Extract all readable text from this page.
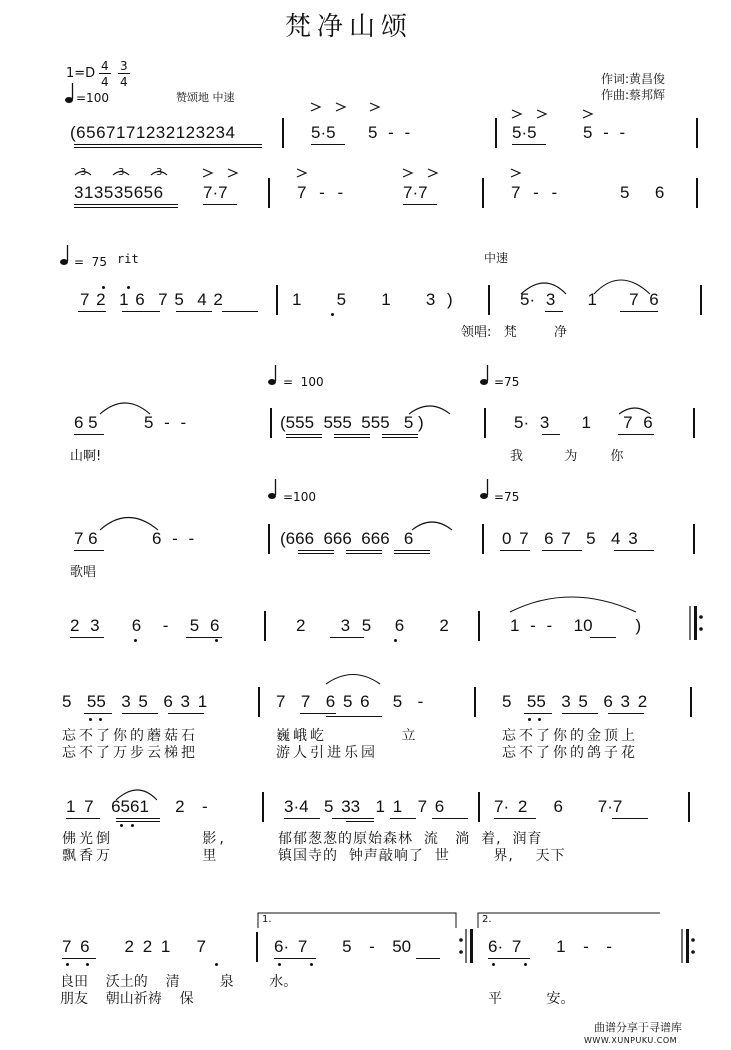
梵净山颂
作词:黄昌俊
作曲:蔡邦辉
1=D 4
4
3
4
=100	赞颂地 中速
3	3	3
(6567171232123234	5·5 5 - -	5·5	5 - -
313535656 7·7	7 - -	7·7	7 - -	5  6
=  75 rit	中速
7 2  1 6  7 5  4 2	1   5   1   3 )	5· 3   1   7 6
领唱:   梵         净
=  100	=75
6 5	5 - -	(555  555  555   5 )	5· 3   1   7 6
山啊!	我          为        你
=100	=75
7 6	6 - -	(666  666  666   6	0 7  6 7  5  4 3
歌唱
2 3   6  -  5 6	2   3 5  6   2	1 - -  10    )
5  55  3 5  6 3 1	7  7  6 5 6   5  -	5  55  3 5  6 3 2
忘不了你的蘑菇石	巍峨屹          立	忘不了你的金顶上
忘不了万步云梯把	游人引进乐园	忘不了你的鸽子花
1 7  6561   2  -	3·4  5 33  1 1  7 6	7· 2   6    7·7
佛光倒            影,	郁郁葱葱的原始森林  流   淌  着,  润育
飘香万            里	镇国寺的  钟声敲响了  世        界,    天下
1.	2.
7 6    2 2 1   7	6· 7    5  -  50	6· 7    1  -  -
良田    沃土的    清         泉        水。
朋友    朝山祈祷    保	平          安。
曲谱分享于寻谱库
WWW.XUNPUKU.COM
